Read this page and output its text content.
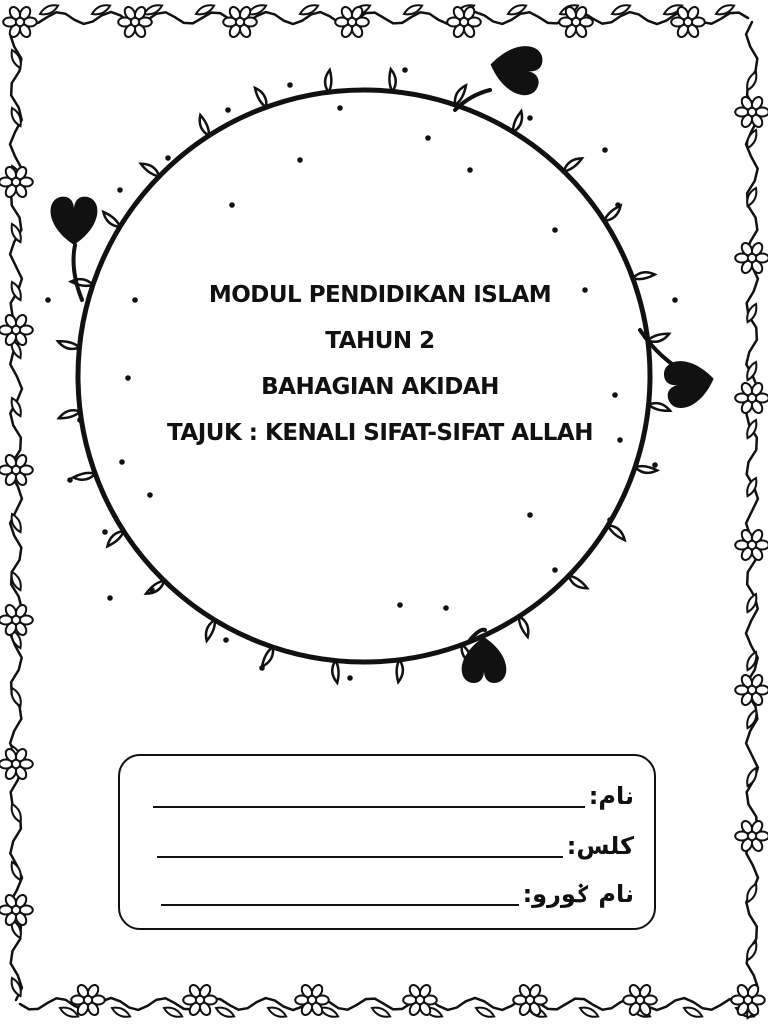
MODUL PENDIDIKAN ISLAM
TAHUN 2
BAHAGIAN AKIDAH
TAJUK : KENALI SIFAT-SIFAT ALLAH
نام:
كلس:
نام ݢورو:
